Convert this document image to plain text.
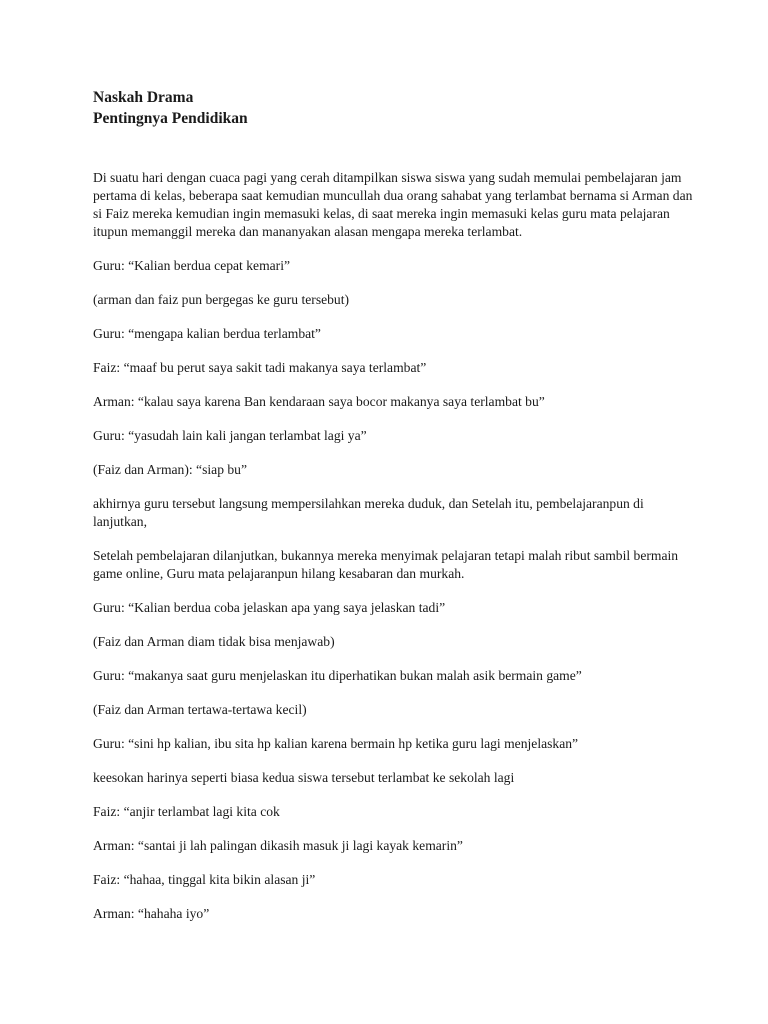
Naskah Drama
Pentingnya Pendidikan

Di suatu hari dengan cuaca pagi yang cerah ditampilkan siswa siswa yang sudah memulai pembelajaran jam pertama di kelas, beberapa saat kemudian muncullah dua orang sahabat yang terlambat bernama si Arman dan si Faiz mereka kemudian ingin memasuki kelas, di saat mereka ingin memasuki kelas guru mata pelajaran itupun memanggil mereka dan mananyakan alasan mengapa mereka terlambat.

Guru: “Kalian berdua cepat kemari”

(arman dan faiz pun bergegas ke guru tersebut)

Guru: “mengapa kalian berdua terlambat”

Faiz: “maaf bu perut saya sakit tadi makanya saya terlambat”

Arman: “kalau saya karena Ban kendaraan saya bocor makanya saya terlambat bu”

Guru: “yasudah lain kali jangan terlambat lagi ya”

(Faiz dan Arman): “siap bu”

akhirnya guru tersebut langsung mempersilahkan mereka duduk, dan Setelah itu, pembelajaranpun di lanjutkan,

Setelah pembelajaran dilanjutkan, bukannya mereka menyimak pelajaran tetapi malah ribut sambil bermain game online, Guru mata pelajaranpun hilang kesabaran dan murkah.

Guru: “Kalian berdua coba jelaskan apa yang saya jelaskan tadi”

(Faiz dan Arman diam tidak bisa menjawab)

Guru: “makanya saat guru menjelaskan itu diperhatikan bukan malah asik bermain game”

(Faiz dan Arman tertawa-tertawa kecil)

Guru: “sini hp kalian, ibu sita hp kalian karena bermain hp ketika guru lagi menjelaskan”

keesokan harinya seperti biasa kedua siswa tersebut terlambat ke sekolah lagi

Faiz: “anjir terlambat lagi kita cok

Arman: “santai ji lah palingan dikasih masuk ji lagi kayak kemarin”

Faiz: “hahaa, tinggal kita bikin alasan ji”

Arman: “hahaha iyo”
